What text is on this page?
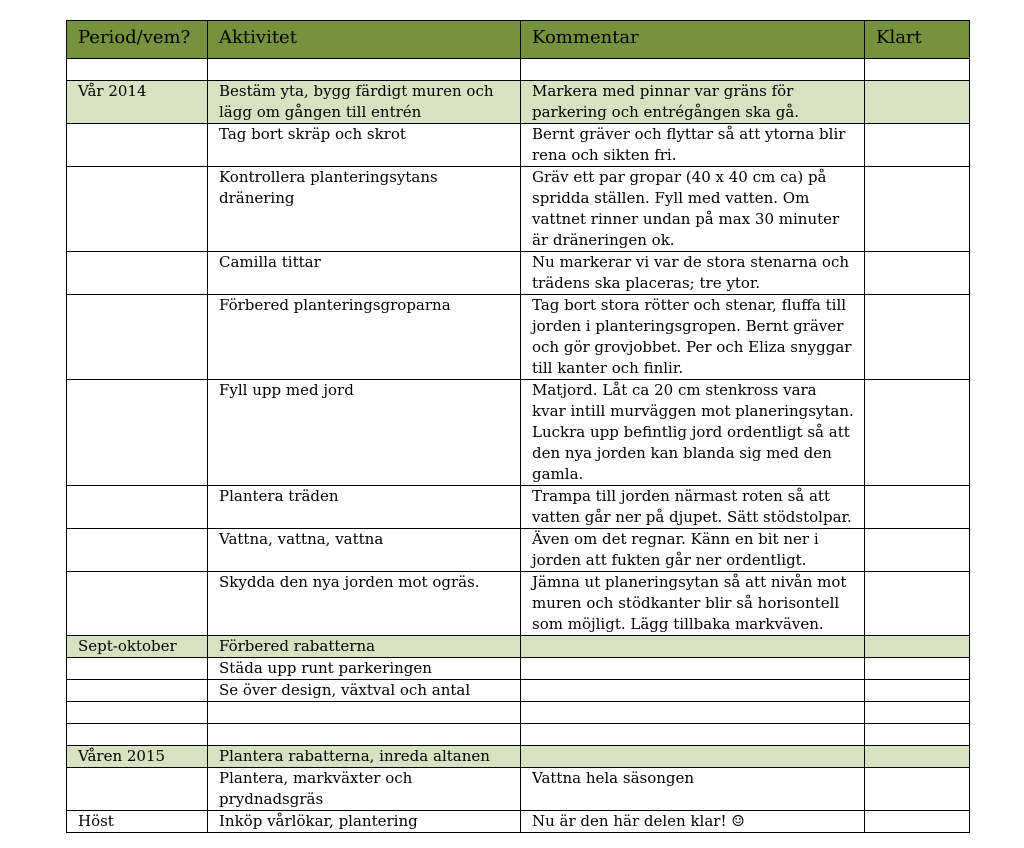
Period/vem?	Aktivitet	Kommentar	Klart

Vår 2014	Bestäm yta, bygg färdigt muren och lägg om gången till entrén	Markera med pinnar var gräns för parkering och entrégången ska gå.	
	Tag bort skräp och skrot	Bernt gräver och flyttar så att ytorna blir rena och sikten fri.	
	Kontrollera planteringsytans dränering	Gräv ett par gropar (40 x 40 cm ca) på spridda ställen. Fyll med vatten. Om vattnet rinner undan på max 30 minuter är dräneringen ok.	
	Camilla tittar	Nu markerar vi var de stora stenarna och trädens ska placeras; tre ytor.	
	Förbered planteringsgroparna	Tag bort stora rötter och stenar, fluffa till jorden i planteringsgropen. Bernt gräver och gör grovjobbet. Per och Eliza snyggar till kanter och finlir.	
	Fyll upp med jord	Matjord. Låt ca 20 cm stenkross vara kvar intill murväggen mot planeringsytan. Luckra upp befintlig jord ordentligt så att den nya jorden kan blanda sig med den gamla.	
	Plantera träden	Trampa till jorden närmast roten så att vatten går ner på djupet. Sätt stödstolpar.	
	Vattna, vattna, vattna	Även om det regnar. Känn en bit ner i jorden att fukten går ner ordentligt.	
	Skydda den nya jorden mot ogräs.	Jämna ut planeringsytan så att nivån mot muren och stödkanter blir så horisontell som möjligt. Lägg tillbaka markväven.	
Sept-oktober	Förbered rabatterna		
	Städa upp runt parkeringen		
	Se över design, växtval och antal		

Våren 2015	Plantera rabatterna, inreda altanen		
	Plantera, markväxter och prydnadsgräs	Vattna hela säsongen	
Höst	Inköp vårlökar, plantering	Nu är den här delen klar! ☺	
